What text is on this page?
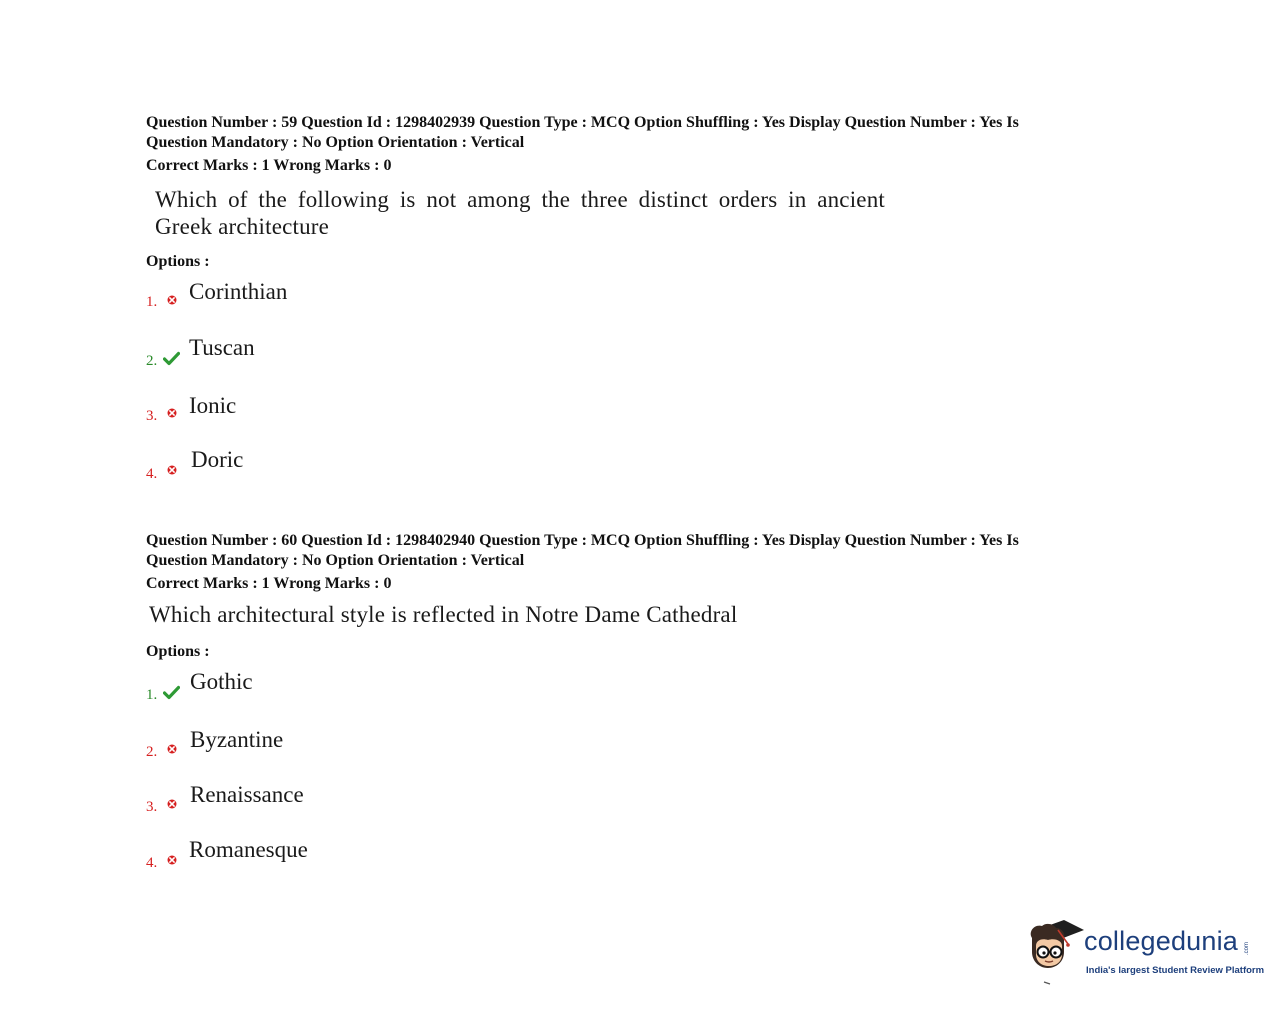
Question Number : 59 Question Id : 1298402939 Question Type : MCQ Option Shuffling : Yes Display Question Number : Yes Is
Question Mandatory : No Option Orientation : Vertical
Correct Marks : 1 Wrong Marks : 0
Which of the following is not among the three distinct orders in ancient Greek architecture
Options :
1. Corinthian
2.
Tuscan
3. Ionic
4.
Doric
Question Number : 60 Question Id : 1298402940 Question Type : MCQ Option Shuffling : Yes Display Question Number : Yes Is
Question Mandatory : No Option Orientation : Vertical
Correct Marks : 1 Wrong Marks : 0
Which architectural style is reflected in Notre Dame Cathedral
Options :
1.
Gothic
2. Byzantine
3. Renaissance
4.
Romanesque
collegedunia .com
India's largest Student Review Platform
